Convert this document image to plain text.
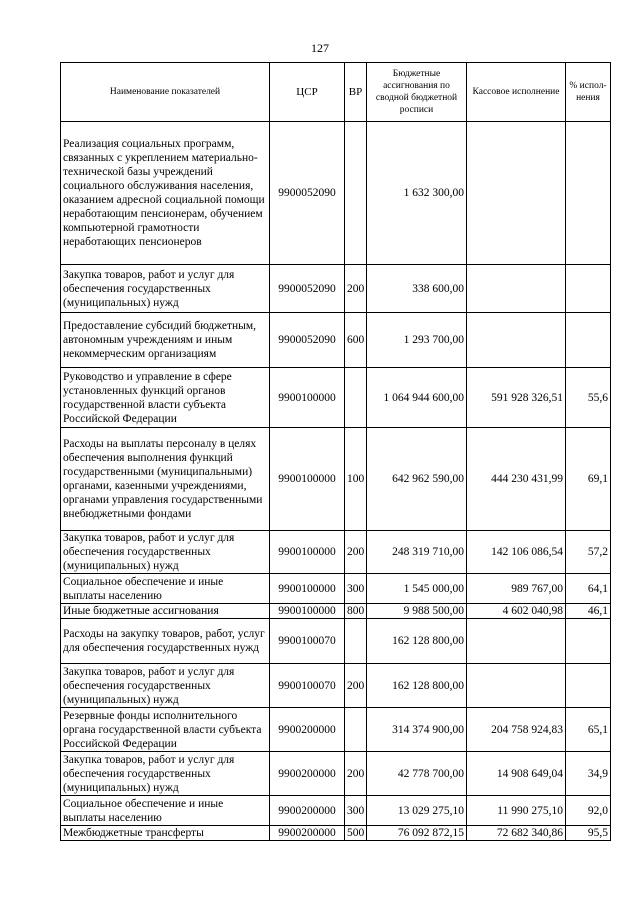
127
Наименование показателей	ЦСР	ВР	Бюджетные ассигнования по сводной бюджетной росписи	Кассовое исполнение	% испол-нения
Реализация социальных программ, связанных с укреплением материально-технической базы учреждений социального обслуживания населения, оказанием адресной социальной помощи неработающим пенсионерам, обучением компьютерной грамотности неработающих пенсионеров	9900052090		1 632 300,00		
Закупка товаров, работ и услуг для обеспечения государственных (муниципальных) нужд	9900052090	200	338 600,00		
Предоставление субсидий бюджетным, автономным учреждениям и иным некоммерческим организациям	9900052090	600	1 293 700,00		
Руководство и управление в сфере установленных функций органов государственной власти субъекта Российской Федерации	9900100000		1 064 944 600,00	591 928 326,51	55,6
Расходы на выплаты персоналу в целях обеспечения выполнения функций государственными (муниципальными) органами, казенными учреждениями, органами управления государственными внебюджетными фондами	9900100000	100	642 962 590,00	444 230 431,99	69,1
Закупка товаров, работ и услуг для обеспечения государственных (муниципальных) нужд	9900100000	200	248 319 710,00	142 106 086,54	57,2
Социальное обеспечение и иные выплаты населению	9900100000	300	1 545 000,00	989 767,00	64,1
Иные бюджетные ассигнования	9900100000	800	9 988 500,00	4 602 040,98	46,1
Расходы на закупку товаров, работ, услуг для обеспечения государственных нужд	9900100070		162 128 800,00		
Закупка товаров, работ и услуг для обеспечения государственных (муниципальных) нужд	9900100070	200	162 128 800,00		
Резервные фонды исполнительного органа государственной власти субъекта Российской Федерации	9900200000		314 374 900,00	204 758 924,83	65,1
Закупка товаров, работ и услуг для обеспечения государственных (муниципальных) нужд	9900200000	200	42 778 700,00	14 908 649,04	34,9
Социальное обеспечение и иные выплаты населению	9900200000	300	13 029 275,10	11 990 275,10	92,0
Межбюджетные трансферты	9900200000	500	76 092 872,15	72 682 340,86	95,5
